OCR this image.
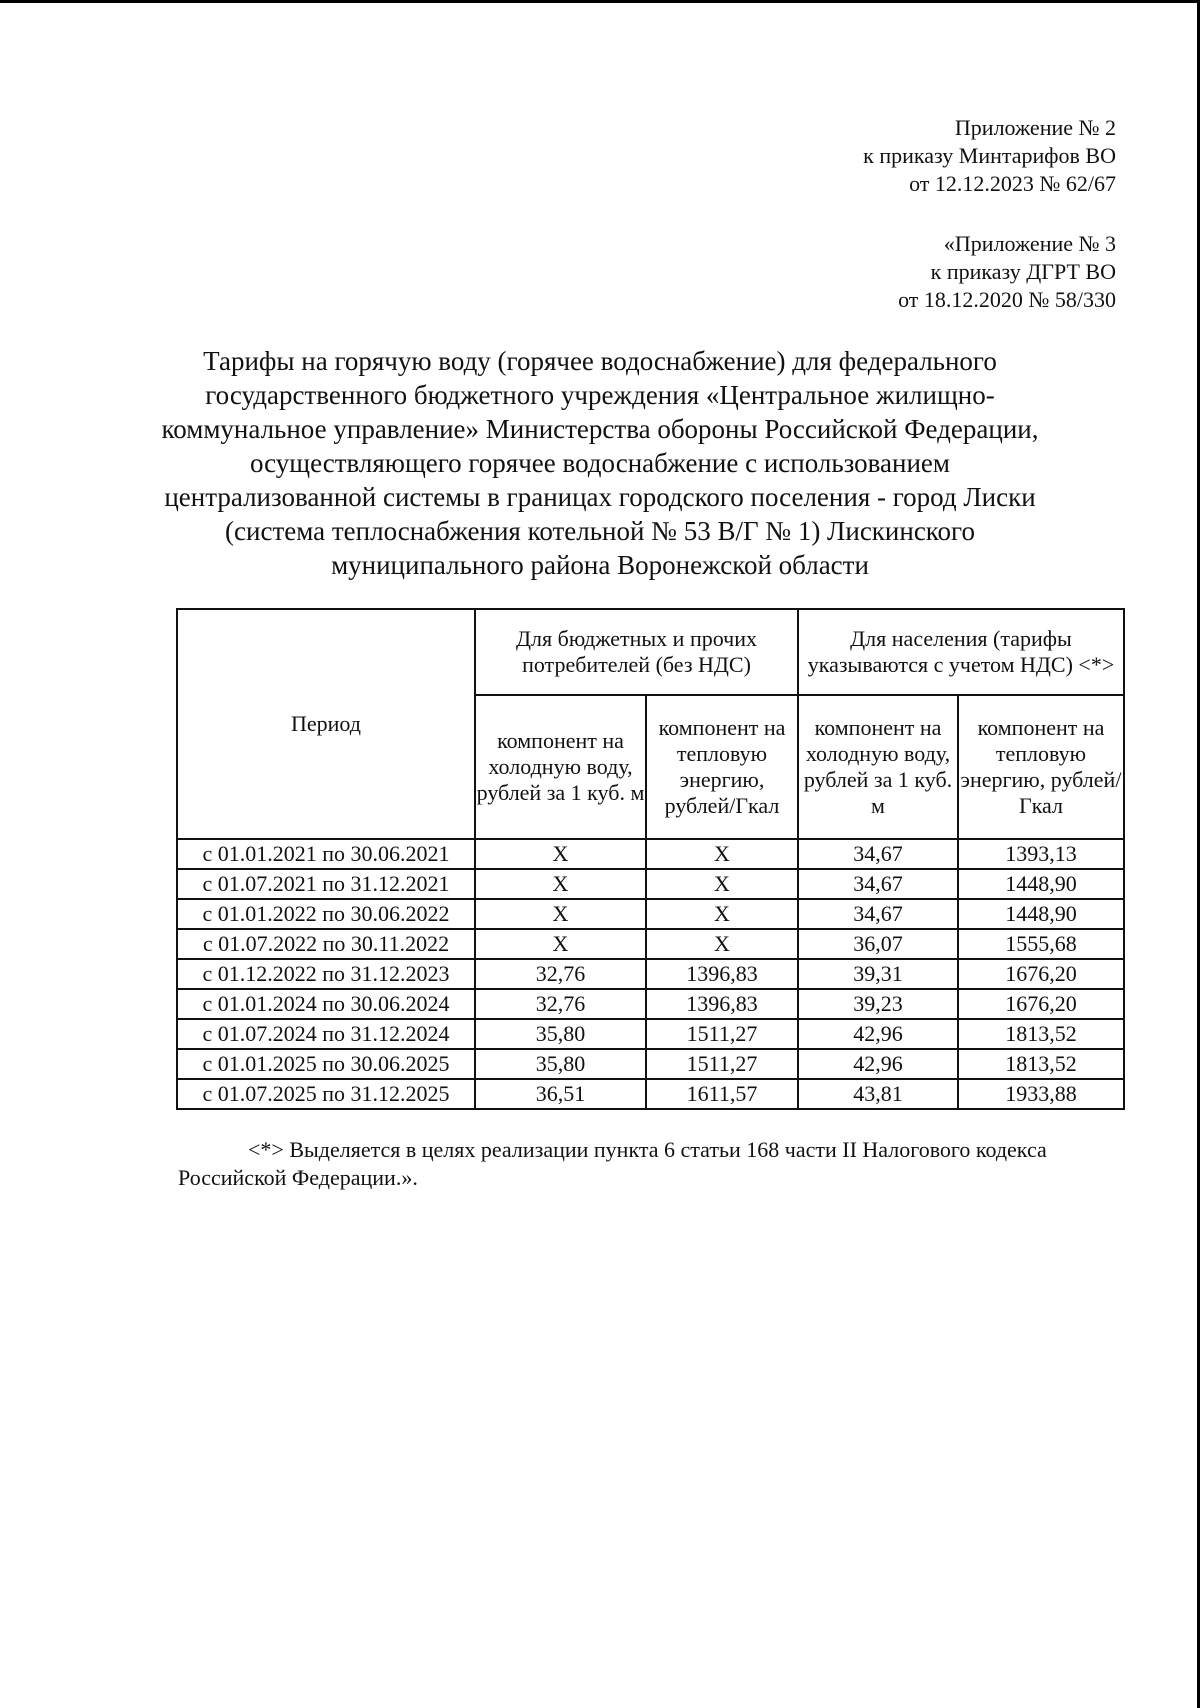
Приложение № 2
к приказу Минтарифов ВО
от 12.12.2023 № 62/67
«Приложение № 3
к приказу ДГРТ ВО
от 18.12.2020 № 58/330
Тарифы на горячую воду (горячее водоснабжение) для федерального
государственного бюджетного учреждения «Центральное жилищно-
коммунальное управление» Министерства обороны Российской Федерации,
осуществляющего горячее водоснабжение с использованием
централизованной системы в границах городского поселения - город Лиски
(система теплоснабжения котельной № 53 В/Г № 1) Лискинского
муниципального района Воронежской области
Период	Для бюджетных и прочих потребителей (без НДС)		Для населения (тарифы указываются с учетом НДС) <*>	
	компонент на холодную воду, рублей за 1 куб. м	компонент на тепловую энергию, рублей/Гкал	компонент на холодную воду, рублей за 1 куб. м	компонент на тепловую энергию, рублей/Гкал
с 01.01.2021 по 30.06.2021	Х	Х	34,67	1393,13
с 01.07.2021 по 31.12.2021	Х	Х	34,67	1448,90
с 01.01.2022 по 30.06.2022	Х	Х	34,67	1448,90
с 01.07.2022 по 30.11.2022	Х	Х	36,07	1555,68
с 01.12.2022 по 31.12.2023	32,76	1396,83	39,31	1676,20
с 01.01.2024 по 30.06.2024	32,76	1396,83	39,23	1676,20
с 01.07.2024 по 31.12.2024	35,80	1511,27	42,96	1813,52
с 01.01.2025 по 30.06.2025	35,80	1511,27	42,96	1813,52
с 01.07.2025 по 31.12.2025	36,51	1611,57	43,81	1933,88
<*> Выделяется в целях реализации пункта 6 статьи 168 части II Налогового кодекса
Российской Федерации.».
